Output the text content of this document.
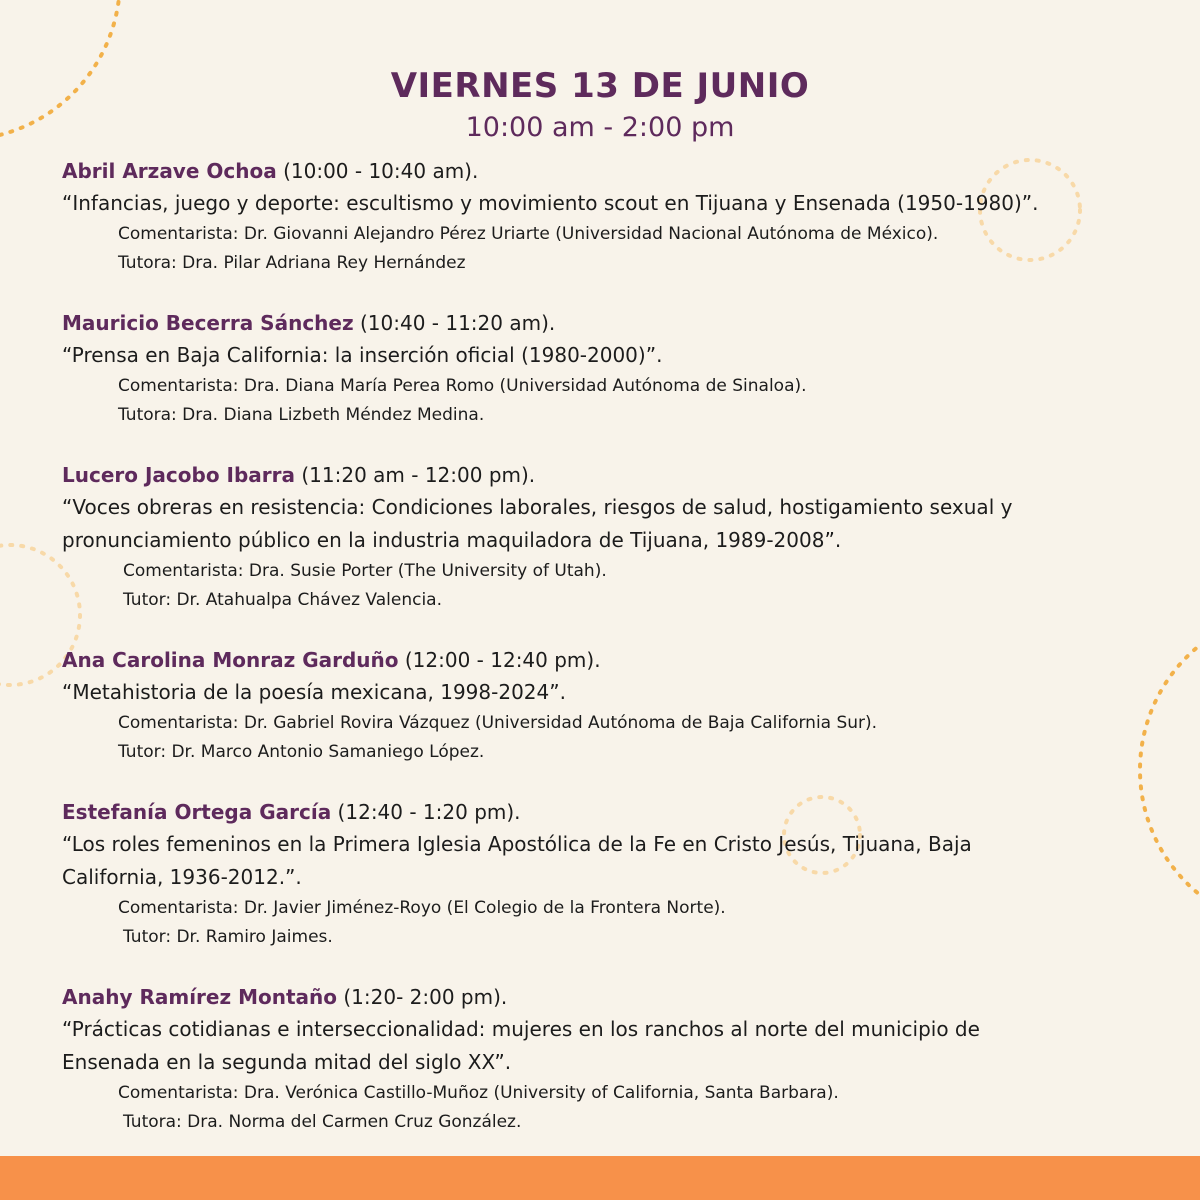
VIERNES 13 DE JUNIO
10:00 am - 2:00 pm
Abril Arzave Ochoa (10:00 - 10:40 am).
“Infancias, juego y deporte: escultismo y movimiento scout en Tijuana y Ensenada (1950-1980)”.
Comentarista: Dr. Giovanni Alejandro Pérez Uriarte (Universidad Nacional Autónoma de México).
Tutora: Dra. Pilar Adriana Rey Hernández
Mauricio Becerra Sánchez (10:40 - 11:20 am).
“Prensa en Baja California: la inserción oficial (1980-2000)”.
Comentarista: Dra. Diana María Perea Romo (Universidad Autónoma de Sinaloa).
Tutora: Dra. Diana Lizbeth Méndez Medina.
Lucero Jacobo Ibarra (11:20 am - 12:00 pm).
“Voces obreras en resistencia: Condiciones laborales, riesgos de salud, hostigamiento sexual y
pronunciamiento público en la industria maquiladora de Tijuana, 1989-2008”.
Comentarista: Dra. Susie Porter (The University of Utah).
Tutor: Dr. Atahualpa Chávez Valencia.
Ana Carolina Monraz Garduño (12:00 - 12:40 pm).
“Metahistoria de la poesía mexicana, 1998-2024”.
Comentarista: Dr. Gabriel Rovira Vázquez (Universidad Autónoma de Baja California Sur).
Tutor: Dr. Marco Antonio Samaniego López.
Estefanía Ortega García (12:40 - 1:20 pm).
“Los roles femeninos en la Primera Iglesia Apostólica de la Fe en Cristo Jesús, Tijuana, Baja
California, 1936-2012.”.
Comentarista: Dr. Javier Jiménez-Royo (El Colegio de la Frontera Norte).
Tutor: Dr. Ramiro Jaimes.
Anahy Ramírez Montaño (1:20- 2:00 pm).
“Prácticas cotidianas e interseccionalidad: mujeres en los ranchos al norte del municipio de
Ensenada en la segunda mitad del siglo XX”.
Comentarista: Dra. Verónica Castillo-Muñoz (University of California, Santa Barbara).
Tutora: Dra. Norma del Carmen Cruz González.
